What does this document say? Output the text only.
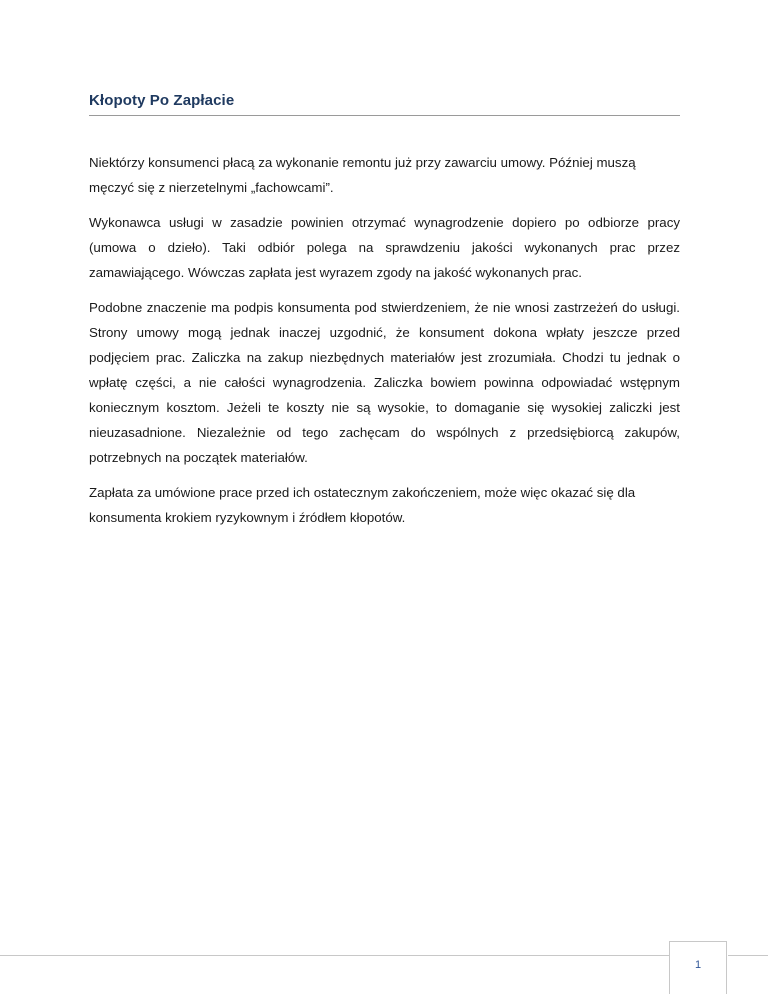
Kłopoty Po Zapłacie

Niektórzy konsumenci płacą za wykonanie remontu już przy zawarciu umowy. Później muszą męczyć się z nierzetelnymi „fachowcami”.

Wykonawca usługi w zasadzie powinien otrzymać wynagrodzenie dopiero po odbiorze pracy (umowa o dzieło). Taki odbiór polega na sprawdzeniu jakości wykonanych prac przez zamawiającego. Wówczas zapłata jest wyrazem zgody na jakość wykonanych prac.

Podobne znaczenie ma podpis konsumenta pod stwierdzeniem, że nie wnosi zastrzeżeń do usługi. Strony umowy mogą jednak inaczej uzgodnić, że konsument dokona wpłaty jeszcze przed podjęciem prac. Zaliczka na zakup niezbędnych materiałów jest zrozumiała. Chodzi tu jednak o wpłatę części, a nie całości wynagrodzenia. Zaliczka bowiem powinna odpowiadać wstępnym koniecznym kosztom. Jeżeli te koszty nie są wysokie, to domaganie się wysokiej zaliczki jest nieuzasadnione. Niezależnie od tego zachęcam do wspólnych z przedsiębiorcą zakupów, potrzebnych na początek materiałów.

Zapłata za umówione prace przed ich ostatecznym zakończeniem, może więc okazać się dla konsumenta krokiem ryzykownym i źródłem kłopotów.

1
